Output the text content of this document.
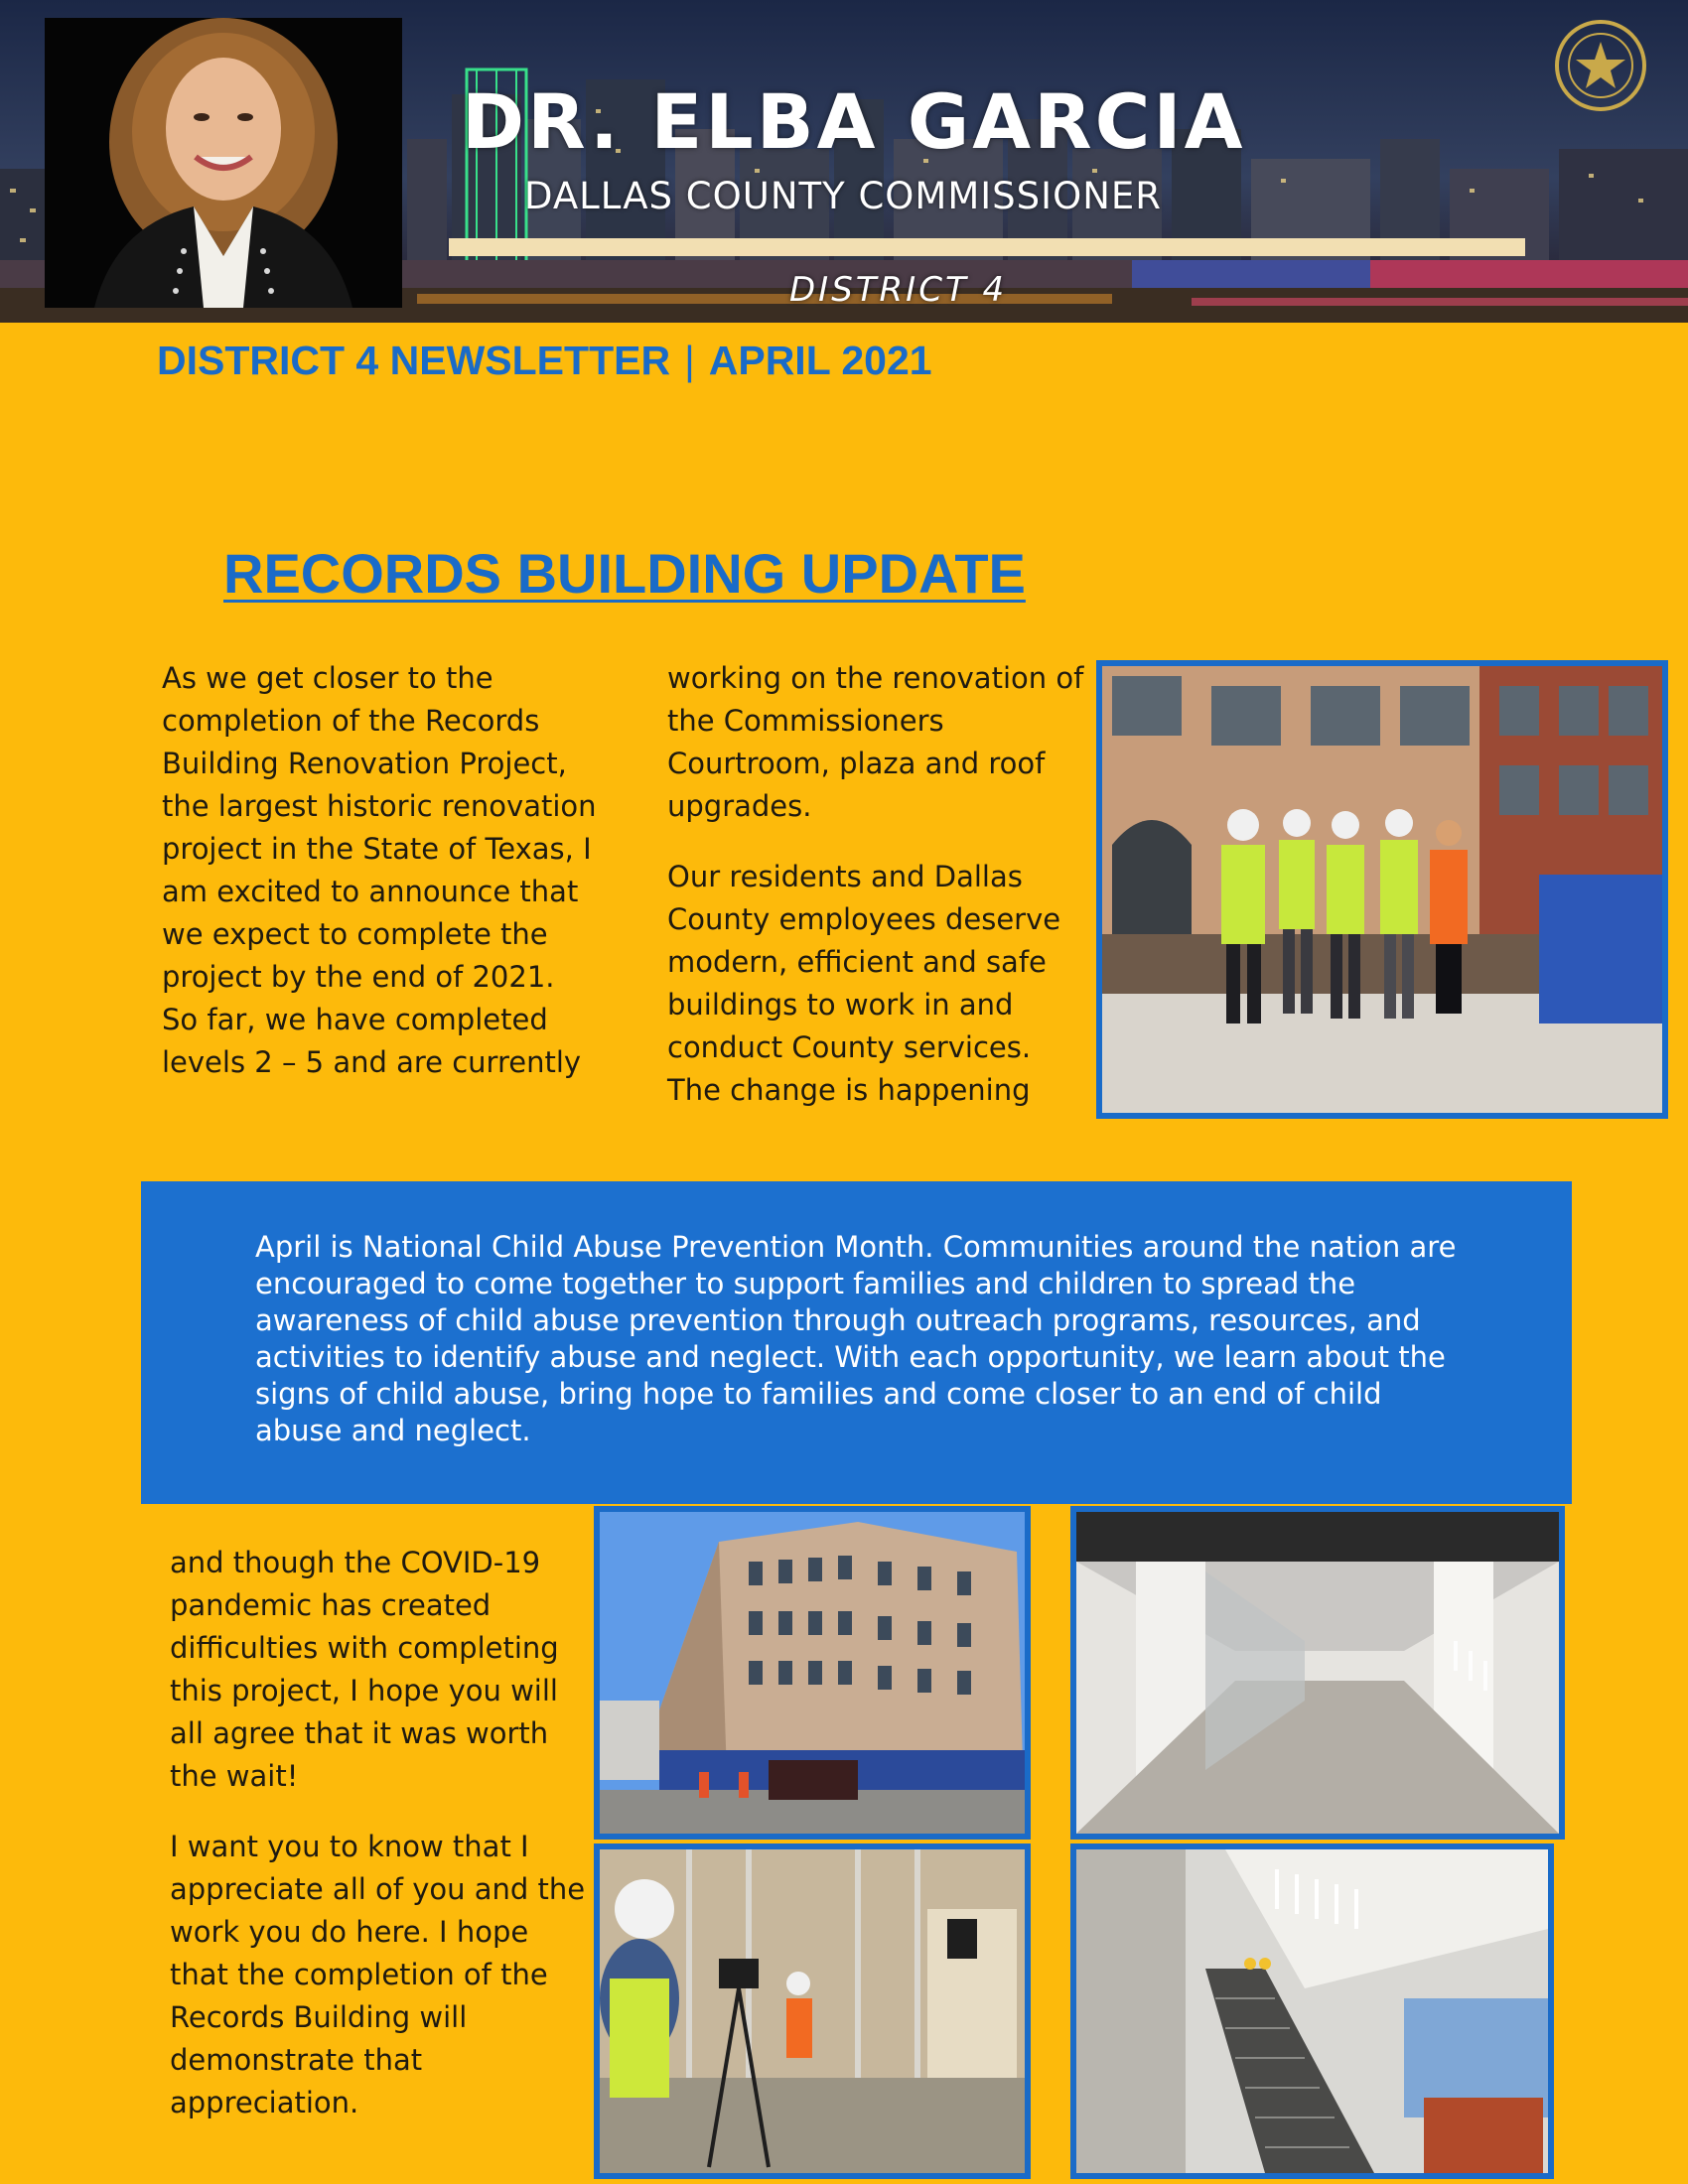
DR. ELBA GARCIA
DALLAS COUNTY COMMISSIONER
DISTRICT 4
DISTRICT 4 NEWSLETTER | APRIL 2021
RECORDS BUILDING UPDATE

As we get closer to the completion of the Records Building Renovation Project, the largest historic renovation project in the State of Texas, I am excited to announce that we expect to complete the project by the end of 2021. So far, we have completed levels 2 – 5 and are currently

working on the renovation of the Commissioners Courtroom, plaza and roof upgrades.

Our residents and Dallas County employees deserve modern, efficient and safe buildings to work in and conduct County services. The change is happening

April is National Child Abuse Prevention Month. Communities around the nation are encouraged to come together to support families and children to spread the awareness of child abuse prevention through outreach programs, resources, and activities to identify abuse and neglect. With each opportunity, we learn about the signs of child abuse, bring hope to families and come closer to an end of child abuse and neglect.

and though the COVID-19 pandemic has created difficulties with completing this project, I hope you will all agree that it was worth the wait!

I want you to know that I appreciate all of you and the work you do here. I hope that the completion of the Records Building will demonstrate that appreciation.
